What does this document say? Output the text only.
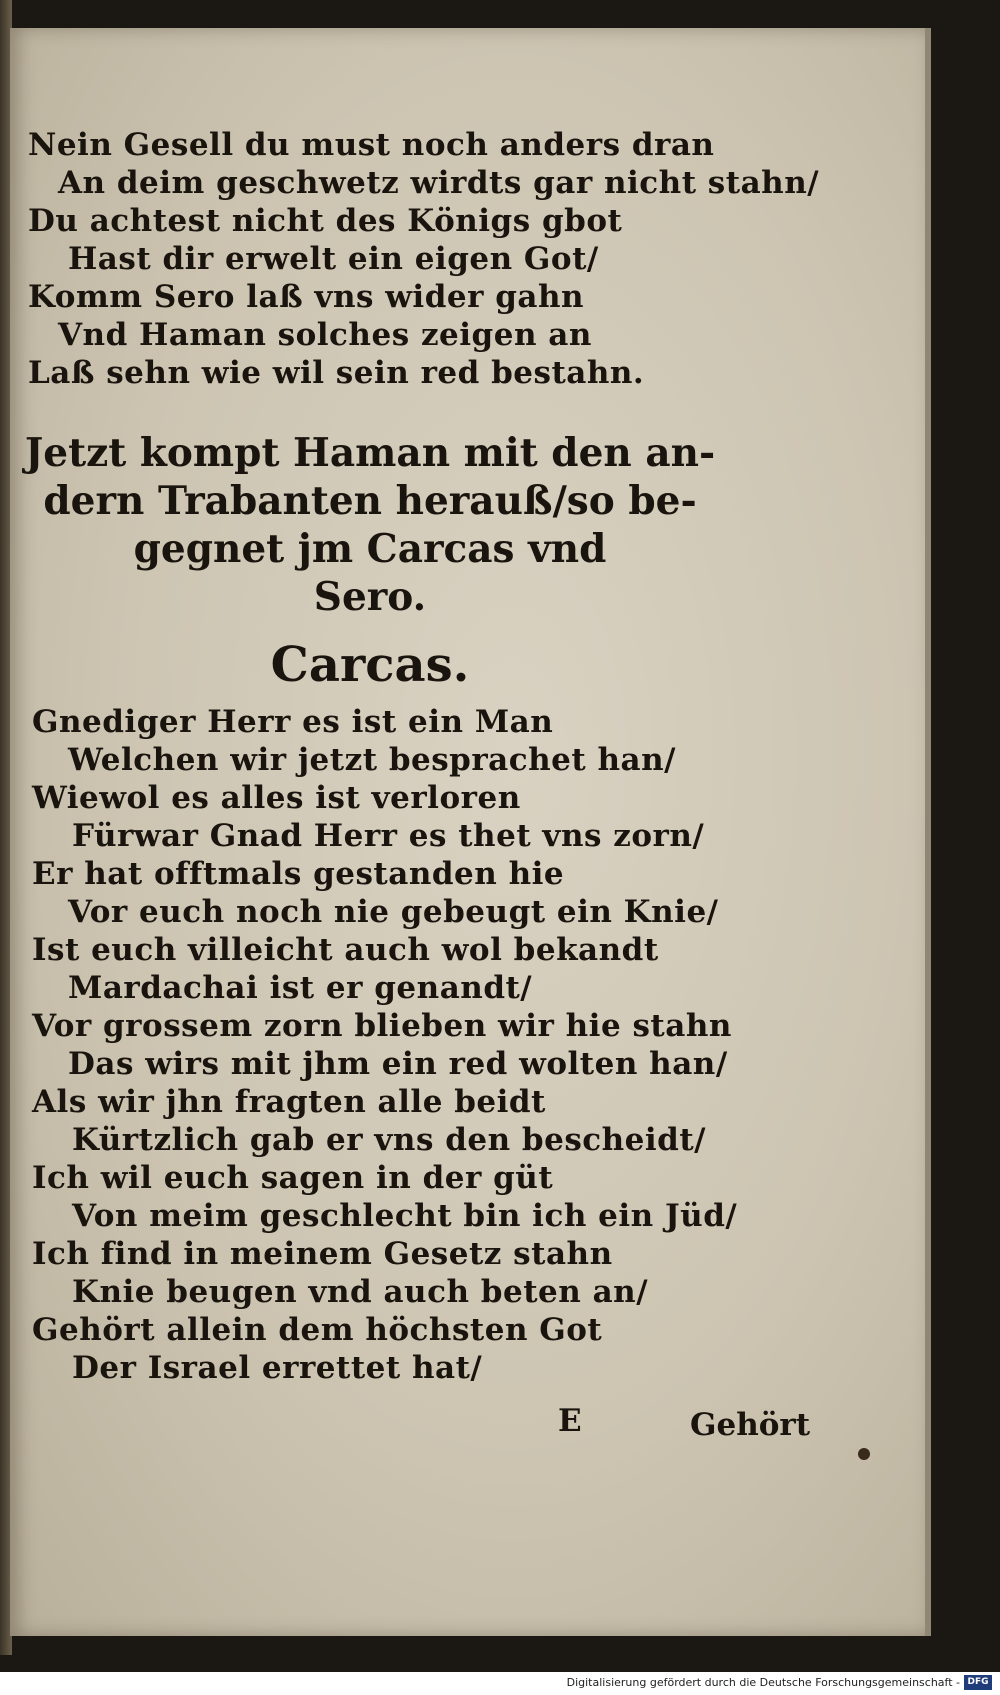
Nein Gesell du must noch anders dran
An deim geschwetz wirdts gar nicht stahn/
Du achtest nicht des Königs gbot
Hast dir erwelt ein eigen Got/
Komm Sero laß vns wider gahn
Vnd Haman solches zeigen an
Laß sehn wie wil sein red bestahn.
Jetzt kompt Haman mit den an-
dern Trabanten herauß/so be-
gegnet jm Carcas vnd
Sero.
Carcas.
Gnediger Herr es ist ein Man
Welchen wir jetzt besprachet han/
Wiewol es alles ist verloren
Fürwar Gnad Herr es thet vns zorn/
Er hat offtmals gestanden hie
Vor euch noch nie gebeugt ein Knie/
Ist euch villeicht auch wol bekandt
Mardachai ist er genandt/
Vor grossem zorn blieben wir hie stahn
Das wirs mit jhm ein red wolten han/
Als wir jhn fragten alle beidt
Kürtzlich gab er vns den bescheidt/
Ich wil euch sagen in der güt
Von meim geschlecht bin ich ein Jüd/
Ich find in meinem Gesetz stahn
Knie beugen vnd auch beten an/
Gehört allein dem höchsten Got
Der Israel errettet hat/
E	Gehört
Digitalisierung gefördert durch die Deutsche Forschungsgemeinschaft - DFG
